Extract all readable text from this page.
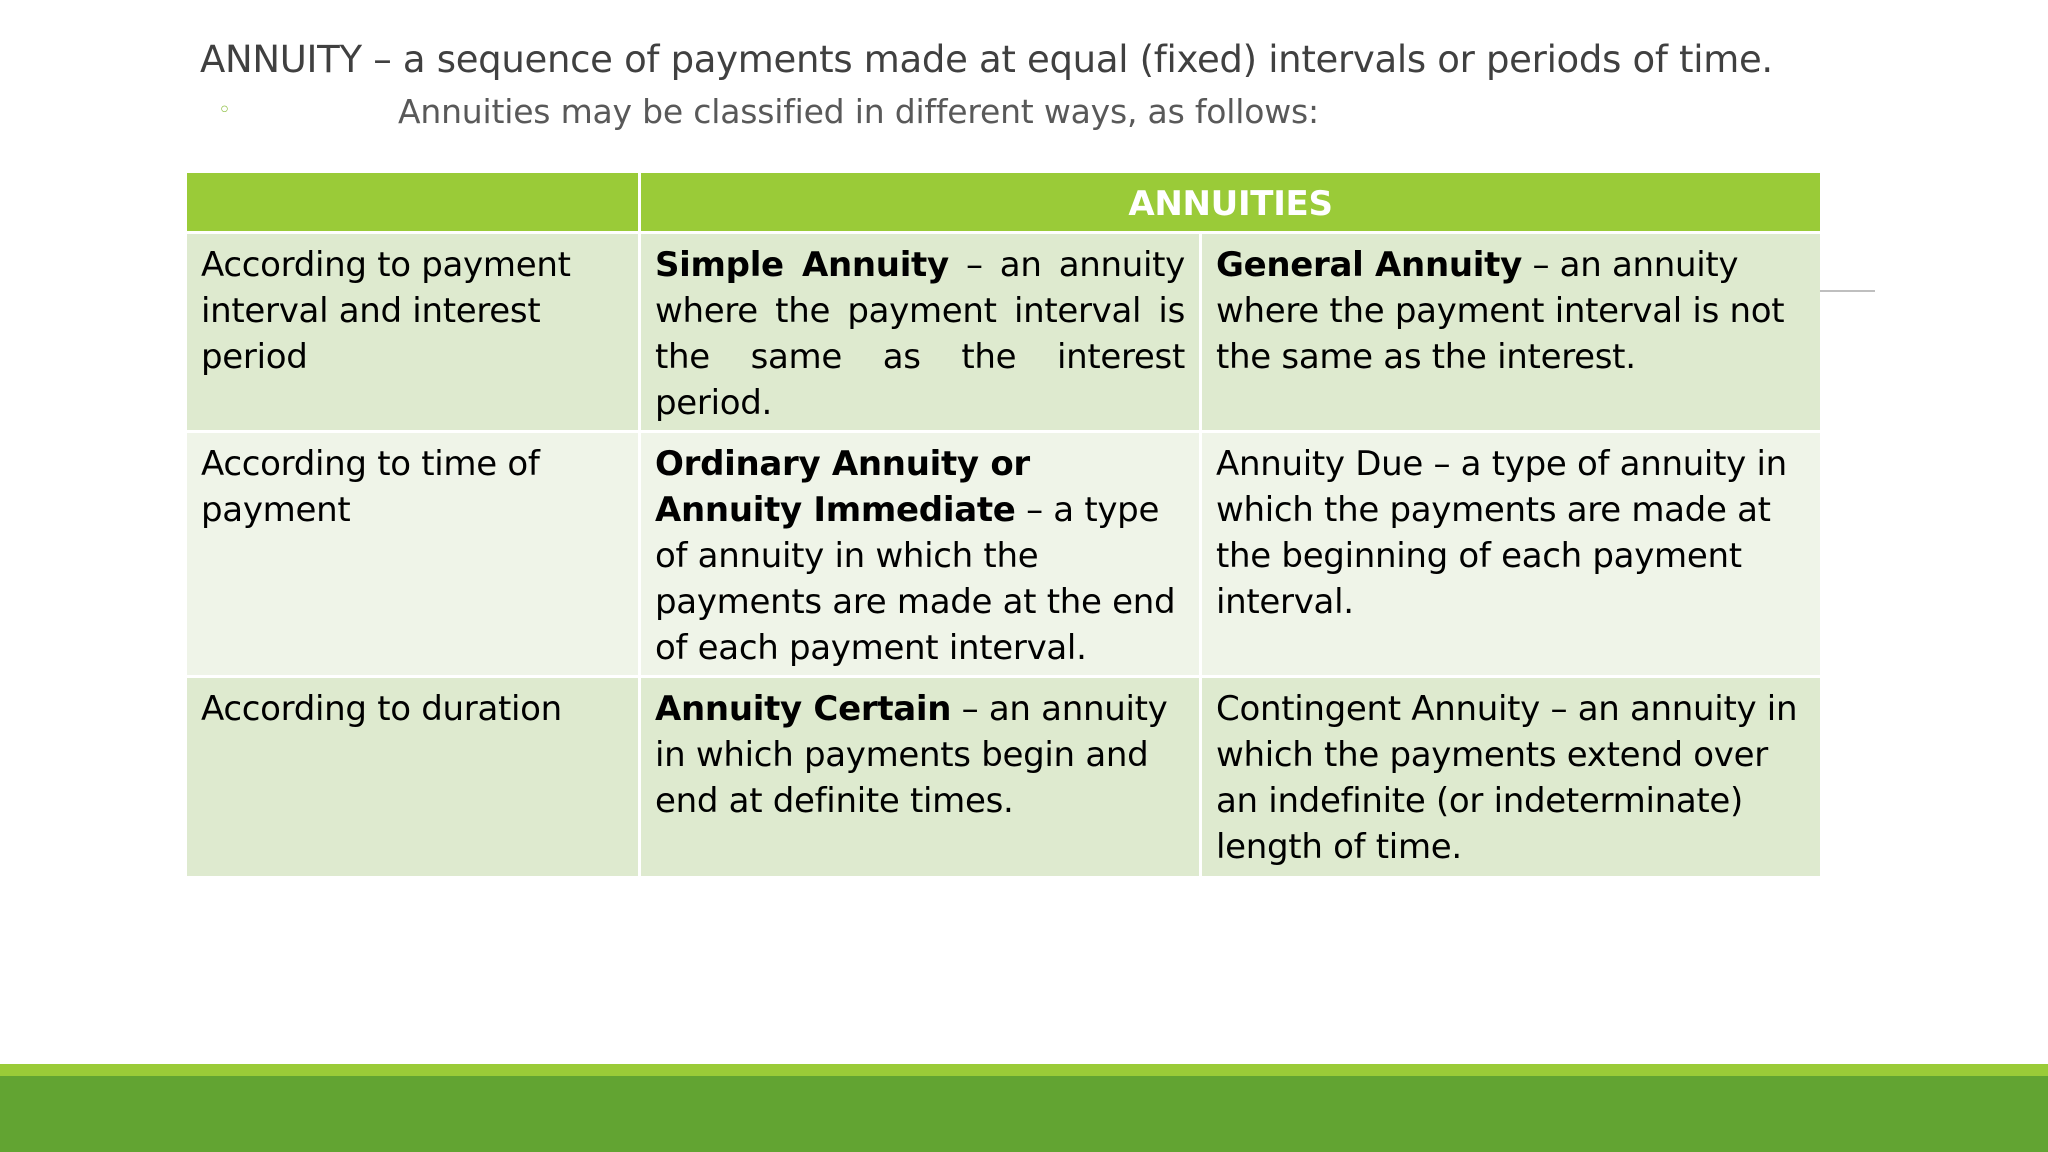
ANNUITY – a sequence of payments made at equal (fixed) intervals or periods of time.
◦	Annuities may be classified in different ways, as follows:
	ANNUITIES	
According to payment interval and interest period	Simple Annuity – an annuity where the payment interval is the same as the interest period.	General Annuity – an annuity where the payment interval is not the same as the interest.
According to time of payment	Ordinary Annuity or Annuity Immediate – a type of annuity in which the payments are made at the end of each payment interval.	Annuity Due – a type of annuity in which the payments are made at the beginning of each payment interval.
According to duration	Annuity Certain – an annuity in which payments begin and end at definite times.	Contingent Annuity – an annuity in which the payments extend over an indefinite (or indeterminate) length of time.
